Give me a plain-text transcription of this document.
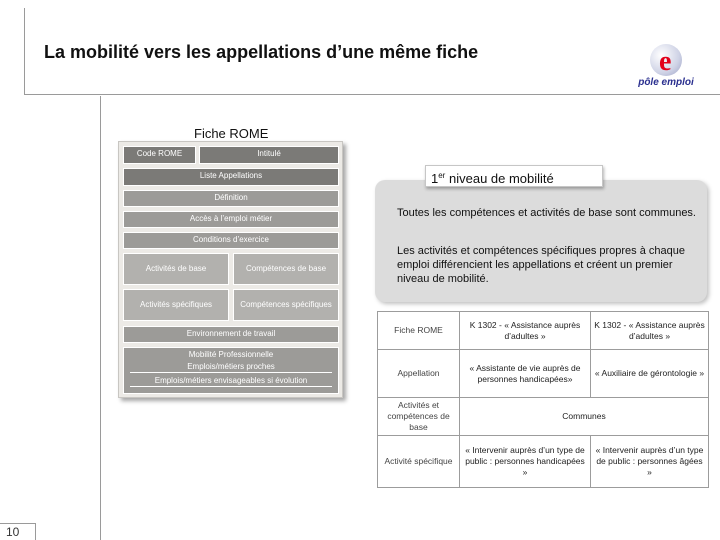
La mobilité vers les appellations d’une même fiche	e
pôle emploi
Fiche ROME
Code ROME	Intitulé
Liste Appellations
Définition
Accès à l’emploi métier
Conditions d’exercice
Activités de base	Compétences de base
Activités spécifiques	Compétences spécifiques
Environnement de travail
Mobilité Professionnelle
Emplois/métiers proches
Emplois/métiers envisageables si évolution
1er niveau de mobilité

Toutes les compétences et activités de base sont communes.

Les activités et compétences spécifiques propres à chaque emploi différencient les appellations et créent un premier niveau de mobilité.

Fiche ROME	K 1302 - « Assistance auprès d’adultes »	K 1302 - « Assistance auprès d’adultes »
Appellation	« Assistante de vie auprès de personnes handicapées»	« Auxiliaire de gérontologie »
Activités et compétences de base	Communes	
Activité spécifique	« Intervenir auprès d’un type de public : personnes handicapées »	« Intervenir auprès d’un type de public : personnes âgées »
10
